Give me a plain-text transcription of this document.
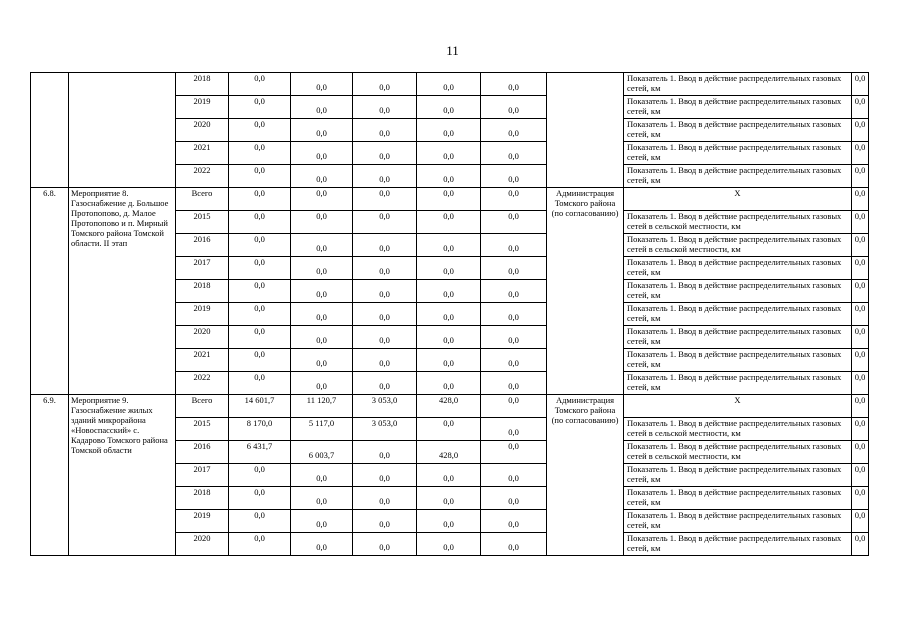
11
		2018	0,0	0,0	0,0	0,0	0,0		Показатель 1. Ввод в действие распределительных газовых сетей, км	0,0
		2019	0,0	0,0	0,0	0,0	0,0		Показатель 1. Ввод в действие распределительных газовых сетей, км	0,0
		2020	0,0	0,0	0,0	0,0	0,0		Показатель 1. Ввод в действие распределительных газовых сетей, км	0,0
		2021	0,0	0,0	0,0	0,0	0,0		Показатель 1. Ввод в действие распределительных газовых сетей, км	0,0
		2022	0,0	0,0	0,0	0,0	0,0		Показатель 1. Ввод в действие распределительных газовых сетей, км	0,0
6.8.	Мероприятие 8. Газоснабжение д. Большое Протопопово, д. Малое Протопопово и п. Мирный Томского района Томской области. II этап	Всего	0,0	0,0	0,0	0,0	0,0	Администрация Томского района (по согласованию)	Х	0,0
		2015	0,0	0,0	0,0	0,0	0,0		Показатель 1. Ввод в действие распределительных газовых сетей в сельской местности, км	0,0
		2016	0,0	0,0	0,0	0,0	0,0		Показатель 1. Ввод в действие распределительных газовых сетей в сельской местности, км	0,0
		2017	0,0	0,0	0,0	0,0	0,0		Показатель 1. Ввод в действие распределительных газовых сетей, км	0,0
		2018	0,0	0,0	0,0	0,0	0,0		Показатель 1. Ввод в действие распределительных газовых сетей, км	0,0
		2019	0,0	0,0	0,0	0,0	0,0		Показатель 1. Ввод в действие распределительных газовых сетей, км	0,0
		2020	0,0	0,0	0,0	0,0	0,0		Показатель 1. Ввод в действие распределительных газовых сетей, км	0,0
		2021	0,0	0,0	0,0	0,0	0,0		Показатель 1. Ввод в действие распределительных газовых сетей, км	0,0
		2022	0,0	0,0	0,0	0,0	0,0		Показатель 1. Ввод в действие распределительных газовых сетей, км	0,0
6.9.	Мероприятие 9. Газоснабжение жилых зданий микрорайона «Новоспасский» с. Кадарово Томского района Томской области	Всего	14 601,7	11 120,7	3 053,0	428,0	0,0	Администрация Томского района (по согласованию)	Х	0,0
		2015	8 170,0	5 117,0	3 053,0	0,0	0,0		Показатель 1. Ввод в действие распределительных газовых сетей в сельской местности, км	0,0
		2016	6 431,7	6 003,7	0,0	428,0	0,0		Показатель 1. Ввод в действие распределительных газовых сетей в сельской местности, км	0,0
		2017	0,0	0,0	0,0	0,0	0,0		Показатель 1. Ввод в действие распределительных газовых сетей, км	0,0
		2018	0,0	0,0	0,0	0,0	0,0		Показатель 1. Ввод в действие распределительных газовых сетей, км	0,0
		2019	0,0	0,0	0,0	0,0	0,0		Показатель 1. Ввод в действие распределительных газовых сетей, км	0,0
		2020	0,0	0,0	0,0	0,0	0,0		Показатель 1. Ввод в действие распределительных газовых сетей, км	0,0
